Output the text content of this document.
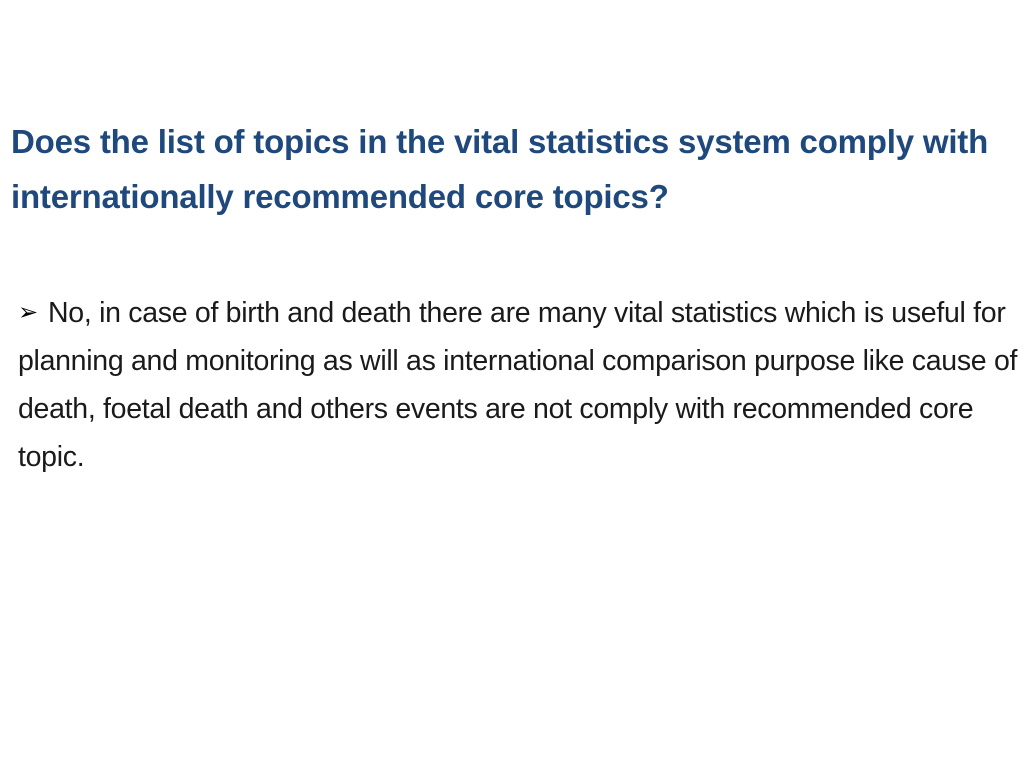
Does the list of topics in the vital statistics system comply with internationally recommended core topics?

➢ No, in case of birth and death there are many vital statistics which is useful for planning and monitoring as will as international comparison purpose like cause of death, foetal death and others events are not comply with recommended core topic.
